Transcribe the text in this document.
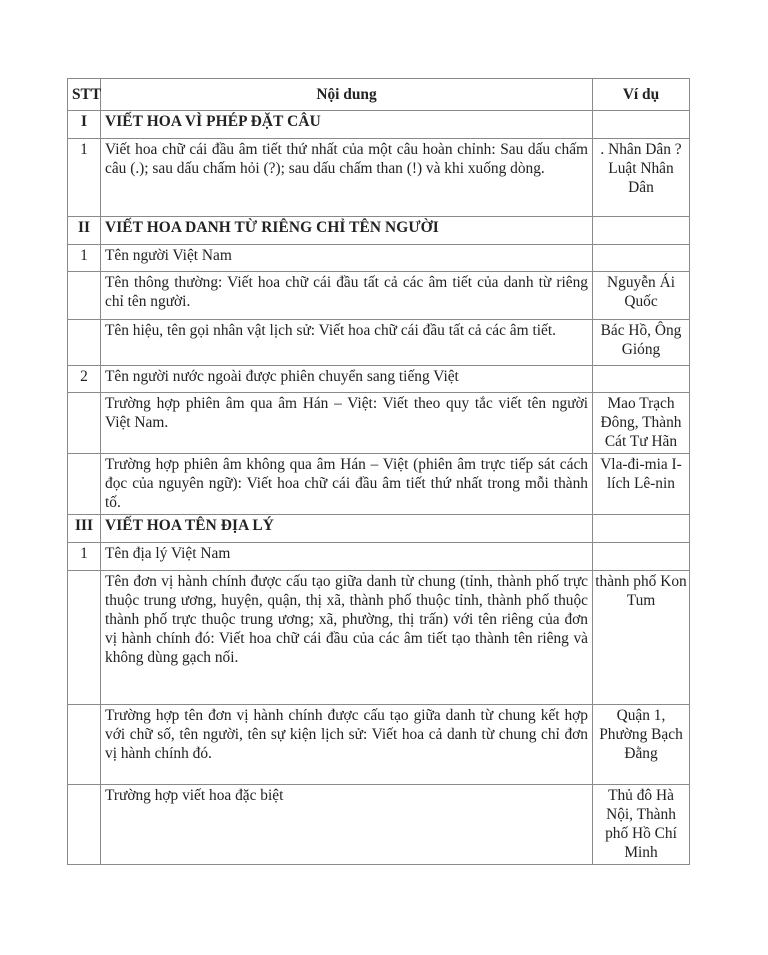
STT	Nội dung	Ví dụ
I	VIẾT HOA VÌ PHÉP ĐẶT CÂU	
1	Viết hoa chữ cái đầu âm tiết thứ nhất của một câu hoàn chỉnh: Sau dấu chấm câu (.); sau dấu chấm hỏi (?); sau dấu chấm than (!) và khi xuống dòng.	. Nhân Dân ? Luật Nhân Dân
II	VIẾT HOA DANH TỪ RIÊNG CHỈ TÊN NGƯỜI	
1	Tên người Việt Nam	
	Tên thông thường: Viết hoa chữ cái đầu tất cả các âm tiết của danh từ riêng chỉ tên người.	Nguyễn Ái Quốc
	Tên hiệu, tên gọi nhân vật lịch sử: Viết hoa chữ cái đầu tất cả các âm tiết.	Bác Hồ, Ông Gióng
2	Tên người nước ngoài được phiên chuyển sang tiếng Việt	
	Trường hợp phiên âm qua âm Hán – Việt: Viết theo quy tắc viết tên người Việt Nam.	Mao Trạch Đông, Thành Cát Tư Hãn
	Trường hợp phiên âm không qua âm Hán – Việt (phiên âm trực tiếp sát cách đọc của nguyên ngữ): Viết hoa chữ cái đầu âm tiết thứ nhất trong mỗi thành tố.	Vla-đi-mia I-lích Lê-nin
III	VIẾT HOA TÊN ĐỊA LÝ	
1	Tên địa lý Việt Nam	
	Tên đơn vị hành chính được cấu tạo giữa danh từ chung (tỉnh, thành phố trực thuộc trung ương, huyện, quận, thị xã, thành phố thuộc tỉnh, thành phố thuộc thành phố trực thuộc trung ương; xã, phường, thị trấn) với tên riêng của đơn vị hành chính đó: Viết hoa chữ cái đầu của các âm tiết tạo thành tên riêng và không dùng gạch nối.	thành phố Kon Tum
	Trường hợp tên đơn vị hành chính được cấu tạo giữa danh từ chung kết hợp với chữ số, tên người, tên sự kiện lịch sử: Viết hoa cả danh từ chung chỉ đơn vị hành chính đó.	Quận 1, Phường Bạch Đằng
	Trường hợp viết hoa đặc biệt	Thủ đô Hà Nội, Thành phố Hồ Chí Minh
